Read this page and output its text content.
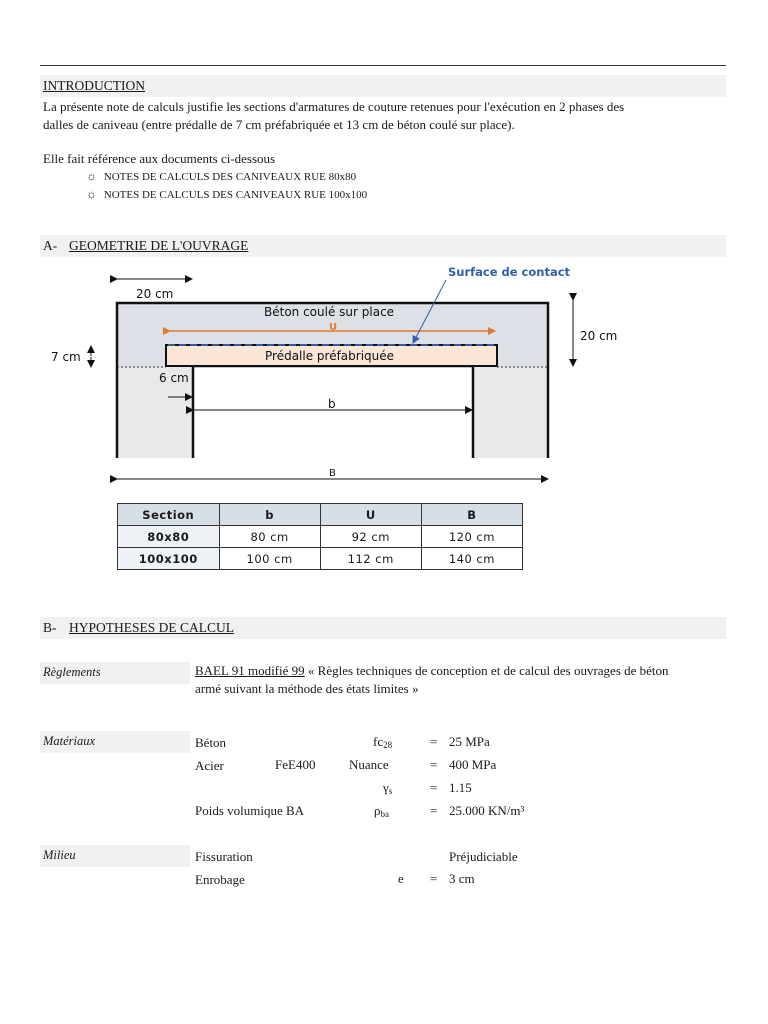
INTRODUCTION
La présente note de calculs justifie les sections d'armatures de couture retenues pour l'exécution en 2 phases des
dalles de caniveau (entre prédalle de 7 cm préfabriquée et 13 cm de béton coulé sur place).
Elle fait référence aux documents ci-dessous
☼ NOTES DE CALCULS DES CANIVEAUX RUE 80x80
☼ NOTES DE CALCULS DES CANIVEAUX RUE 100x100
A- GEOMETRIE DE L'OUVRAGE
Surface de contact
20 cm
Béton coulé sur place
U
Prédalle préfabriquée
7 cm
6 cm
20 cm
b
B
Section	b	U	B
80x80	80 cm	92 cm	120 cm
100x100	100 cm	112 cm	140 cm
B- HYPOTHESES DE CALCUL
Règlements	BAEL 91 modifié 99 « Règles techniques de conception et de calcul des ouvrages de béton
armé suivant la méthode des états limites »
Matériaux	Béton	$fc_{28}$	= 25 MPa
Acier	FeE400	Nuance	= 400 MPa
$\gamma_s$	= 1.15
Poids volumique BA	$\rho_{ba}$	= 25.000 KN/m³
Milieu	Fissuration	Préjudiciable
Enrobage	e = 3 cm
